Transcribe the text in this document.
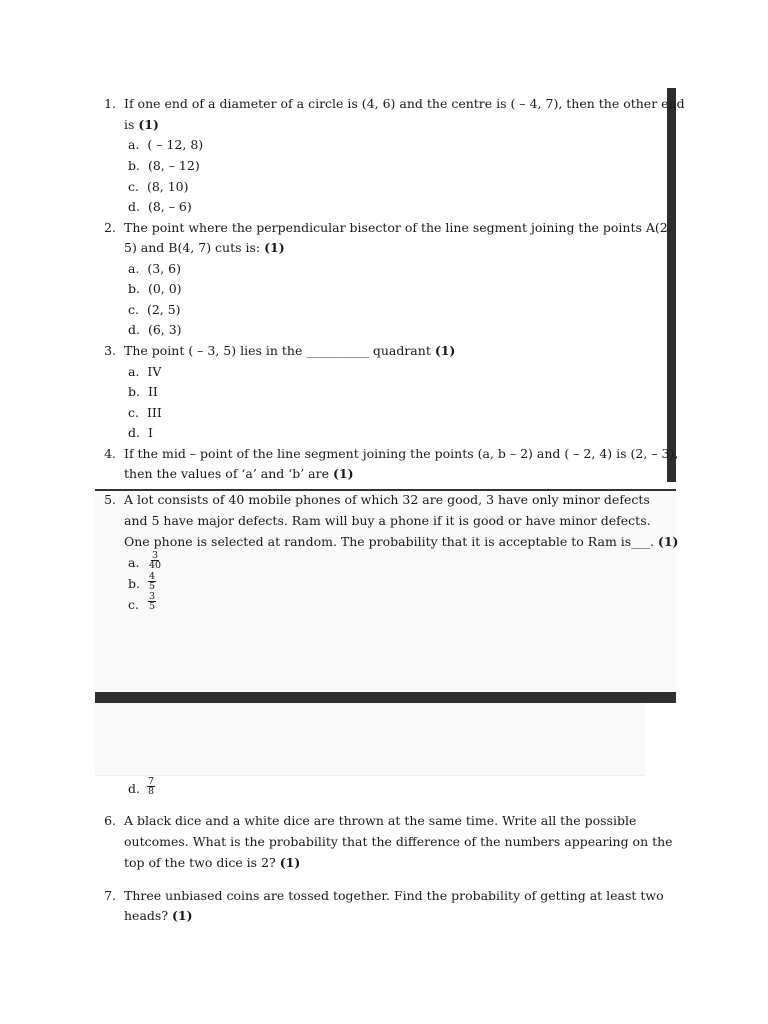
1. If one end of a diameter of a circle is (4, 6) and the centre is ( – 4, 7), then the other end
is (1)
a. ( – 12, 8)
b. (8, – 12)
c. (8, 10)
d. (8, – 6)
2. The point where the perpendicular bisector of the line segment joining the points A(2,
5) and B(4, 7) cuts is: (1)
a. (3, 6)
b. (0, 0)
c. (2, 5)
d. (6, 3)
3. The point ( – 3, 5) lies in the __________ quadrant (1)
a. IV
b. II
c. III
d. I
4. If the mid – point of the line segment joining the points (a, b – 2) and ( – 2, 4) is (2, – 3),
then the values of ‘a’ and ‘b’ are (1)
5. A lot consists of 40 mobile phones of which 32 are good, 3 have only minor defects
and 5 have major defects. Ram will buy a phone if it is good or have minor defects.
One phone is selected at random. The probability that it is acceptable to Ram is___. (1)
a. $\frac{3}{40}$
b. $\frac{4}{5}$
c. $\frac{3}{5}$
d. $\frac{7}{8}$
6. A black dice and a white dice are thrown at the same time. Write all the possible
outcomes. What is the probability that the difference of the numbers appearing on the
top of the two dice is 2? (1)
7. Three unbiased coins are tossed together. Find the probability of getting at least two
heads? (1)
